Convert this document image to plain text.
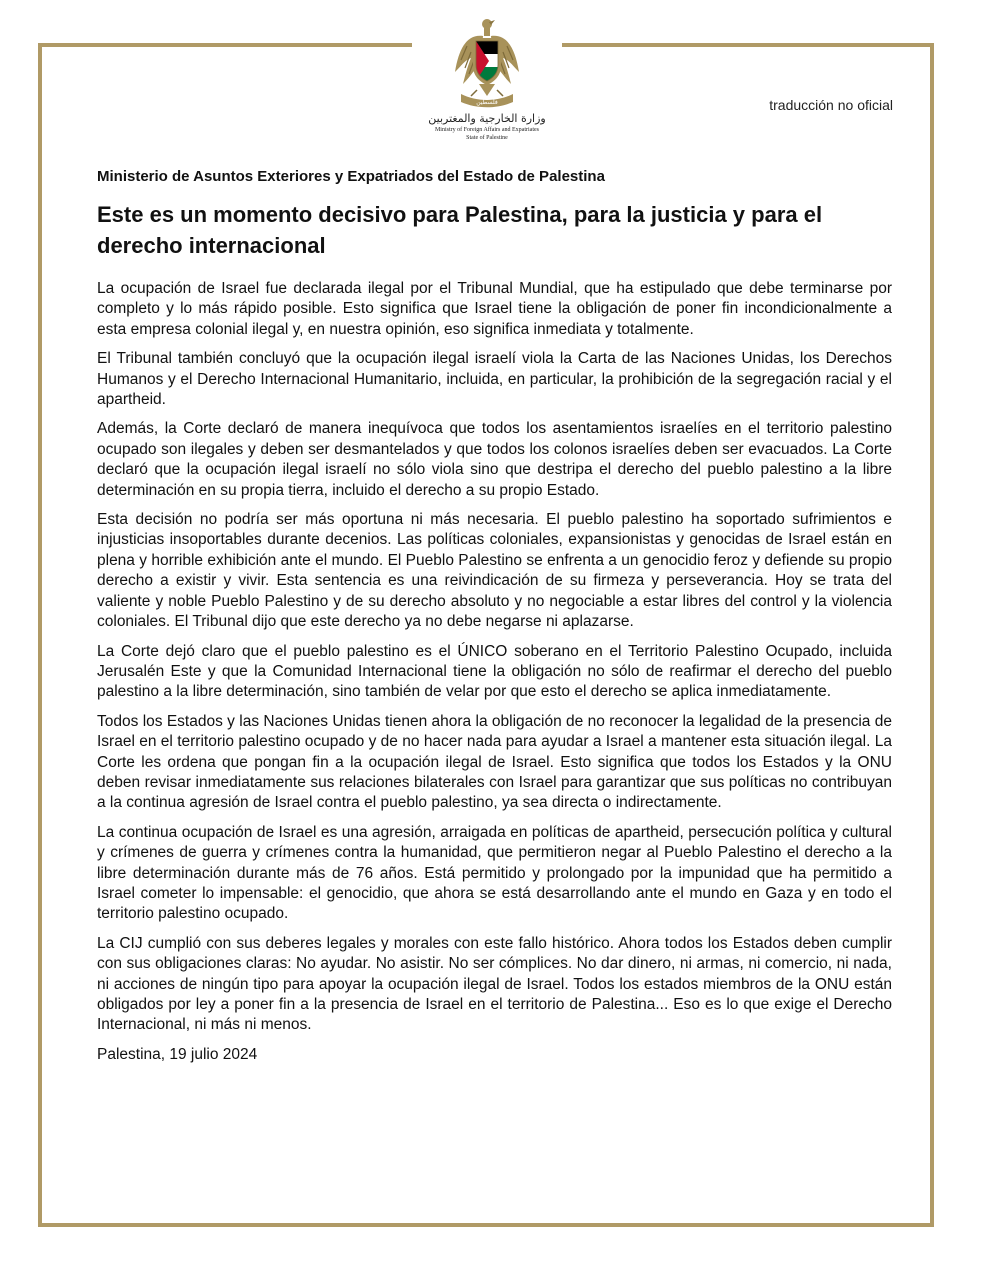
فلسطين
وزارة الخارجية والمغتربين
Ministry of Foreign Affairs and Expatriates
State of Palestine
traducción no oficial
Ministerio de Asuntos Exteriores y Expatriados del Estado de Palestina
Este es un momento decisivo para Palestina, para la justicia y para el derecho internacional

La ocupación de Israel fue declarada ilegal por el Tribunal Mundial, que ha estipulado que debe terminarse por completo y lo más rápido posible. Esto significa que Israel tiene la obligación de poner fin incondicionalmente a esta empresa colonial ilegal y, en nuestra opinión, eso significa inmediata y totalmente.

El Tribunal también concluyó que la ocupación ilegal israelí viola la Carta de las Naciones Unidas, los Derechos Humanos y el Derecho Internacional Humanitario, incluida, en particular, la prohibición de la segregación racial y el apartheid.

Además, la Corte declaró de manera inequívoca que todos los asentamientos israelíes en el territorio palestino ocupado son ilegales y deben ser desmantelados y que todos los colonos israelíes deben ser evacuados. La Corte declaró que la ocupación ilegal israelí no sólo viola sino que destripa el derecho del pueblo palestino a la libre determinación en su propia tierra, incluido el derecho a su propio Estado.

Esta decisión no podría ser más oportuna ni más necesaria. El pueblo palestino ha soportado sufrimientos e injusticias insoportables durante decenios. Las políticas coloniales, expansionistas y genocidas de Israel están en plena y horrible exhibición ante el mundo. El Pueblo Palestino se enfrenta a un genocidio feroz y defiende su propio derecho a existir y vivir. Esta sentencia es una reivindicación de su firmeza y perseverancia. Hoy se trata del valiente y noble Pueblo Palestino y de su derecho absoluto y no negociable a estar libres del control y la violencia coloniales. El Tribunal dijo que este derecho ya no debe negarse ni aplazarse.

La Corte dejó claro que el pueblo palestino es el ÚNICO soberano en el Territorio Palestino Ocupado, incluida Jerusalén Este y que la Comunidad Internacional tiene la obligación no sólo de reafirmar el derecho del pueblo palestino a la libre determinación, sino también de velar por que esto el derecho se aplica inmediatamente.

Todos los Estados y las Naciones Unidas tienen ahora la obligación de no reconocer la legalidad de la presencia de Israel en el territorio palestino ocupado y de no hacer nada para ayudar a Israel a mantener esta situación ilegal. La Corte les ordena que pongan fin a la ocupación ilegal de Israel. Esto significa que todos los Estados y la ONU deben revisar inmediatamente sus relaciones bilaterales con Israel para garantizar que sus políticas no contribuyan a la continua agresión de Israel contra el pueblo palestino, ya sea directa o indirectamente.

La continua ocupación de Israel es una agresión, arraigada en políticas de apartheid, persecución política y cultural y crímenes de guerra y crímenes contra la humanidad, que permitieron negar al Pueblo Palestino el derecho a la libre determinación durante más de 76 años. Está permitido y prolongado por la impunidad que ha permitido a Israel cometer lo impensable: el genocidio, que ahora se está desarrollando ante el mundo en Gaza y en todo el territorio palestino ocupado.

La CIJ cumplió con sus deberes legales y morales con este fallo histórico. Ahora todos los Estados deben cumplir con sus obligaciones claras: No ayudar. No asistir. No ser cómplices. No dar dinero, ni armas, ni comercio, ni nada, ni acciones de ningún tipo para apoyar la ocupación ilegal de Israel. Todos los estados miembros de la ONU están obligados por ley a poner fin a la presencia de Israel en el territorio de Palestina... Eso es lo que exige el Derecho Internacional, ni más ni menos.

Palestina, 19 julio 2024
